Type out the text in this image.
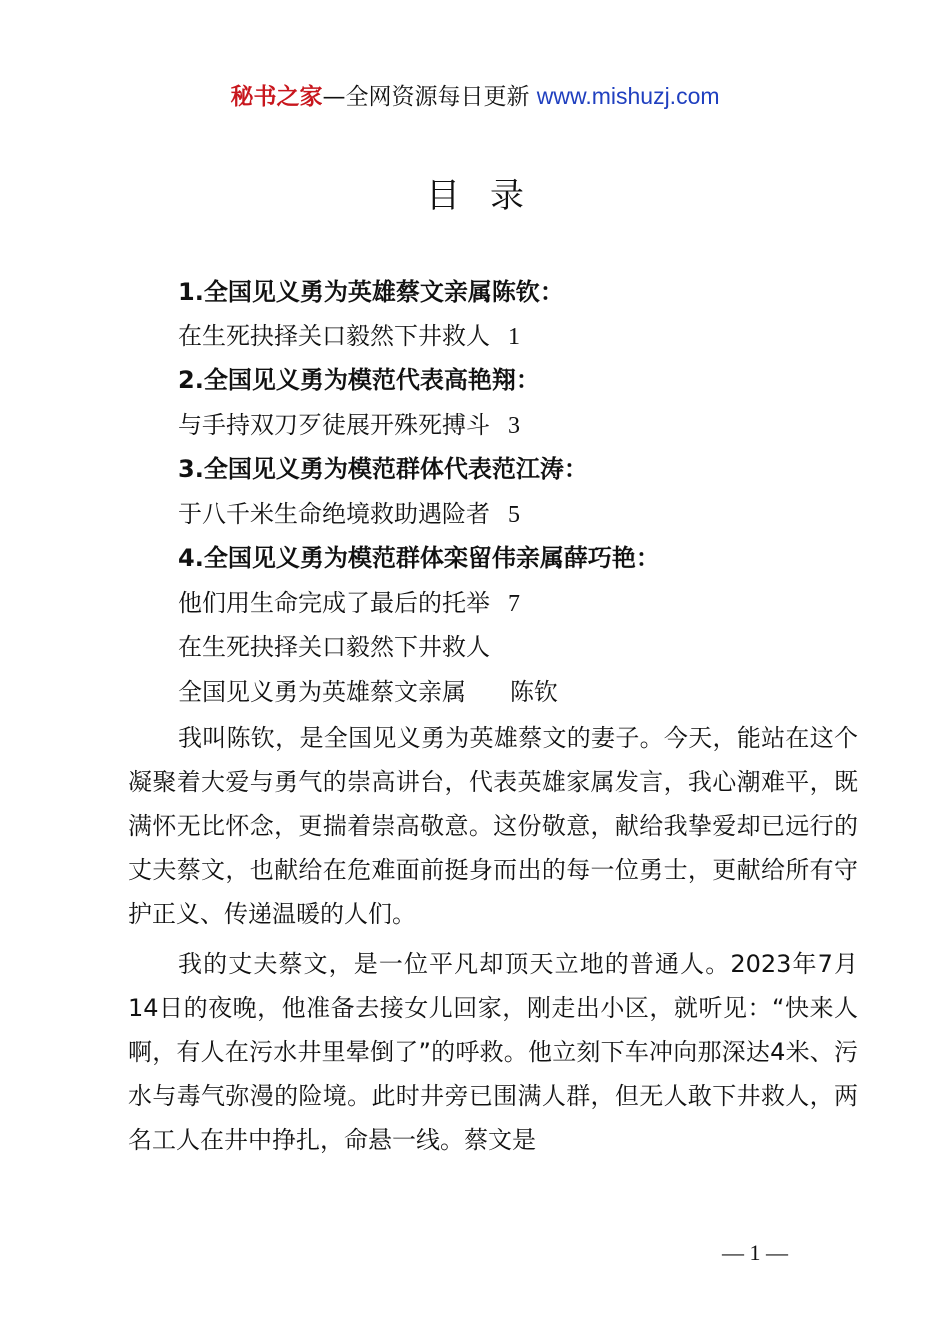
秘书之家—全网资源每日更新 www.mishuzj.com
目录
1.全国见义勇为英雄蔡文亲属陈钦：
在生死抉择关口毅然下井救人 1
2.全国见义勇为模范代表高艳翔：
与手持双刀歹徒展开殊死搏斗 3
3.全国见义勇为模范群体代表范江涛：
于八千米生命绝境救助遇险者 5
4.全国见义勇为模范群体栾留伟亲属薛巧艳：
他们用生命完成了最后的托举 7
在生死抉择关口毅然下井救人
全国见义勇为英雄蔡文亲属 陈钦

我叫陈钦，是全国见义勇为英雄蔡文的妻子。今天，能站在这个凝聚着大爱与勇气的崇高讲台，代表英雄家属发言，我心潮难平，既满怀无比怀念，更揣着崇高敬意。这份敬意，献给我挚爱却已远行的丈夫蔡文，也献给在危难面前挺身而出的每一位勇士，更献给所有守护正义、传递温暖的人们。

我的丈夫蔡文，是一位平凡却顶天立地的普通人。2023年7月14日的夜晚，他准备去接女儿回家，刚走出小区，就听见：“快来人啊，有人在污水井里晕倒了”的呼救。他立刻下车冲向那深达4米、污水与毒气弥漫的险境。此时井旁已围满人群，但无人敢下井救人，两名工人在井中挣扎，命悬一线。蔡文是

— 1 —
